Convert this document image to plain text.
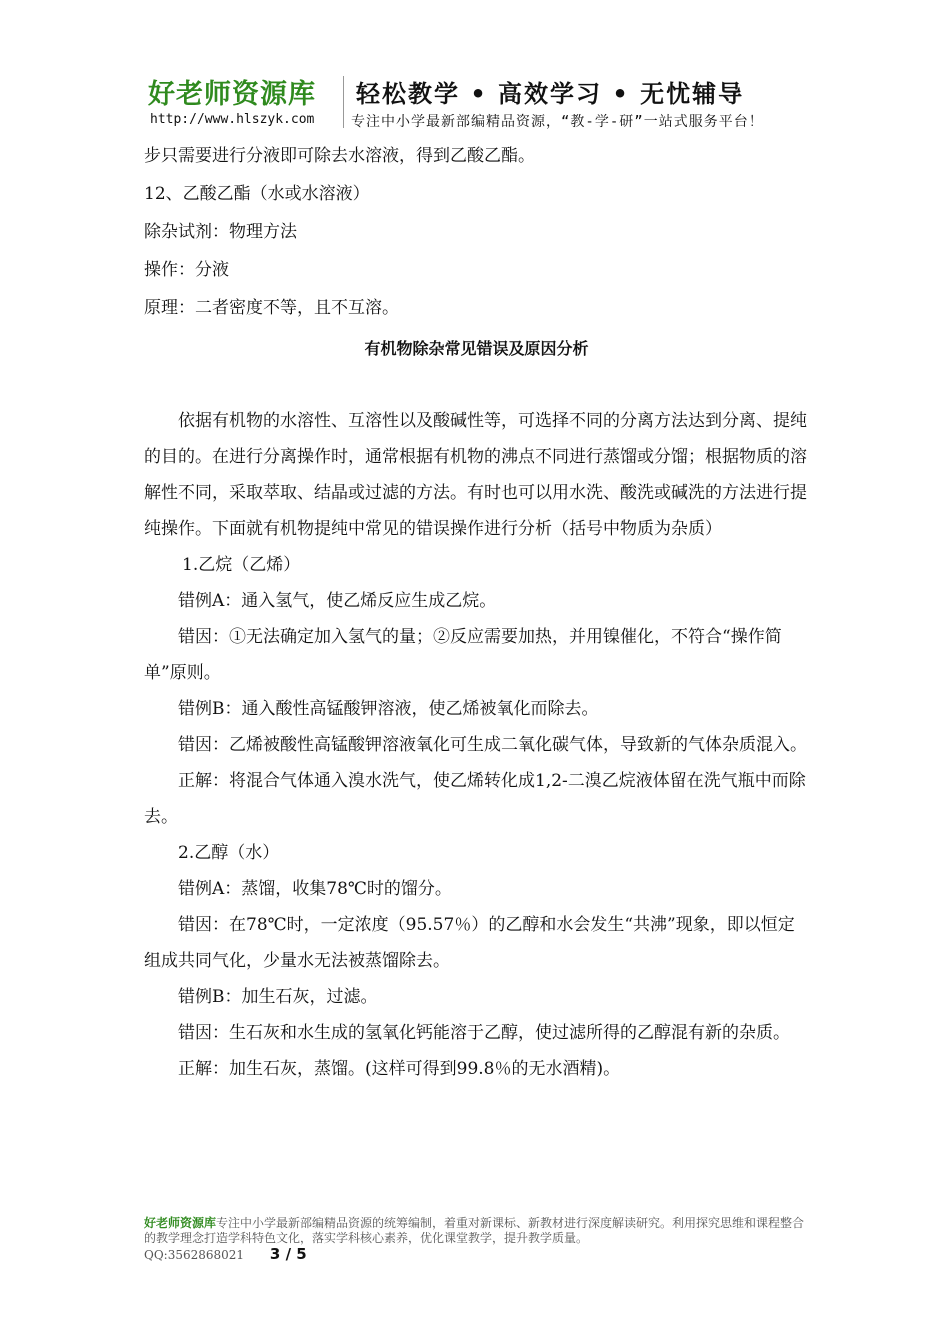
好老师资源库
http://www.hlszyk.com
轻松教学 • 高效学习 • 无忧辅导
专注中小学最新部编精品资源，“教-学-研”一站式服务平台！

步只需要进行分液即可除去水溶液，得到乙酸乙酯。

12、乙酸乙酯（水或水溶液）

除杂试剂：物理方法

操作：分液

原理：二者密度不等，且不互溶。

有机物除杂常见错误及原因分析

依据有机物的水溶性、互溶性以及酸碱性等，可选择不同的分离方法达到分离、提纯的目的。在进行分离操作时，通常根据有机物的沸点不同进行蒸馏或分馏；根据物质的溶解性不同，采取萃取、结晶或过滤的方法。有时也可以用水洗、酸洗或碱洗的方法进行提纯操作。下面就有机物提纯中常见的错误操作进行分析（括号中物质为杂质）

1.乙烷（乙烯）

错例A：通入氢气，使乙烯反应生成乙烷。

错因：①无法确定加入氢气的量；②反应需要加热，并用镍催化，不符合“操作简单”原则。

错例B：通入酸性高锰酸钾溶液，使乙烯被氧化而除去。

错因：乙烯被酸性高锰酸钾溶液氧化可生成二氧化碳气体，导致新的气体杂质混入。

正解：将混合气体通入溴水洗气，使乙烯转化成1,2-二溴乙烷液体留在洗气瓶中而除去。

2.乙醇（水）

错例A：蒸馏，收集78℃时的馏分。

错因：在78℃时，一定浓度（95.57％）的乙醇和水会发生“共沸”现象，即以恒定组成共同气化，少量水无法被蒸馏除去。

错例B：加生石灰，过滤。

错因：生石灰和水生成的氢氧化钙能溶于乙醇，使过滤所得的乙醇混有新的杂质。

正解：加生石灰，蒸馏。(这样可得到99.8％的无水酒精)。

好老师资源库专注中小学最新部编精品资源的统筹编制，着重对新课标、新教材进行深度解读研究。利用探究思维和课程整合的教学理念打造学科特色文化，落实学科核心素养，优化课堂教学，提升教学质量。
QQ:3562868021 3 / 5
